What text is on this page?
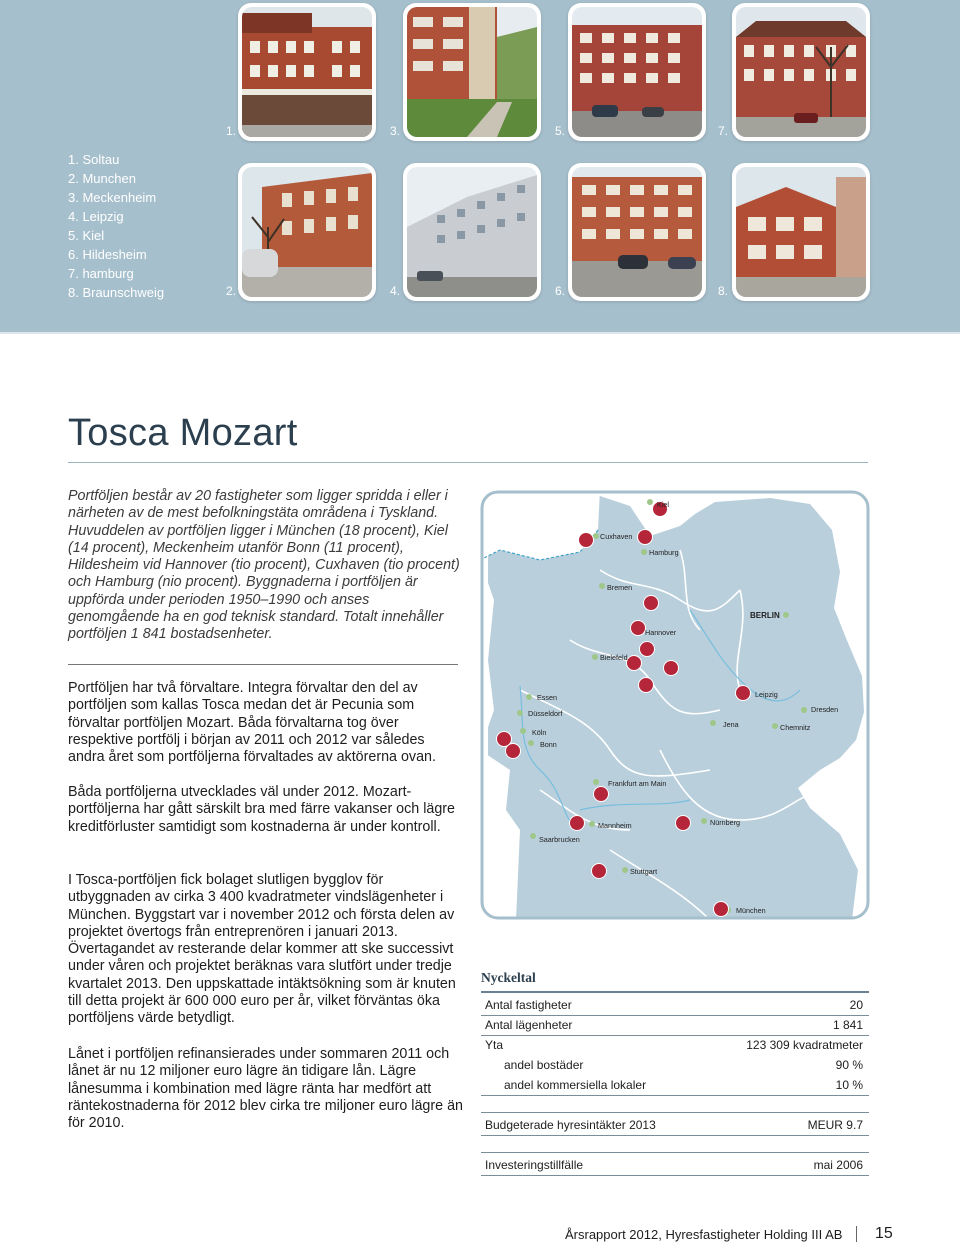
1. Soltau
2. Munchen
3. Meckenheim
4. Leipzig
5. Kiel
6. Hildesheim
7. hamburg
8. Braunschweig
1.	3.	5.	7.
2.	4.	6.	8.
Tosca Mozart

Portföljen består av 20 fastigheter som ligger spridda i eller i närheten av de mest befolkningstäta områdena i Tyskland. Huvuddelen av portföljen ligger i München (18 procent), Kiel (14 procent), Meckenheim utanför Bonn (11 procent), Hildesheim vid Hannover (tio procent), Cuxhaven (tio procent) och Hamburg (nio procent). Byggnaderna i portföljen är uppförda under perioden 1950–1990 och anses genomgående ha en god teknisk standard. Totalt innehåller portföljen 1 841 bostadsenheter.

Portföljen har två förvaltare. Integra förvaltar den del av portföljen som kallas Tosca medan det är Pecunia som förvaltar portföljen Mozart. Båda förvaltarna tog över respektive portfölj i början av 2011 och 2012 var således andra året som portföljerna förvaltades av aktörerna ovan.

Båda portföljerna utvecklades väl under 2012. Mozart-portföljerna har gått särskilt bra med färre vakanser och lägre kreditförluster samtidigt som kostnaderna är under kontroll.

I Tosca-portföljen fick bolaget slutligen bygglov för utbyggnaden av cirka 3 400 kvadratmeter vindslägenheter i München. Byggstart var i november 2012 och första delen av projektet övertogs från entreprenören i januari 2013. Övertagandet av resterande delar kommer att ske successivt under våren och projektet beräknas vara slutfört under tredje kvartalet 2013. Den uppskattade intäktsökning som är knuten till detta projekt är 600 000 euro per år, vilket förväntas öka portföljens värde betydligt.

Lånet i portföljen refinansierades under sommaren 2011 och lånet är nu 12 miljoner euro lägre än tidigare lån. Lägre lånesumma i kombination med lägre ränta har medfört att räntekostnaderna för 2012 blev cirka tre miljoner euro lägre än för 2010.

Kiel
Cuxhaven
Hamburg
Bremen
BERLIN
Hannover
Bielefeld
Essen
Düsseldorf
Köln
Bonn
Leipzig
Dresden
Jena	Chemnitz
Frankfurt am Main
Saarbrucken
Mannheim	Nürnberg
Stuttgart
München
Nyckeltal
Antal fastigheter	20
Antal lägenheter	1 841
Yta	123 309 kvadratmeter
andel bostäder	90 %
andel kommersiella lokaler	10 %
Budgeterade hyresintäkter 2013	MEUR 9.7
Investeringstillfälle	mai 2006
Årsrapport 2012, Hyresfastigheter Holding III AB 15
